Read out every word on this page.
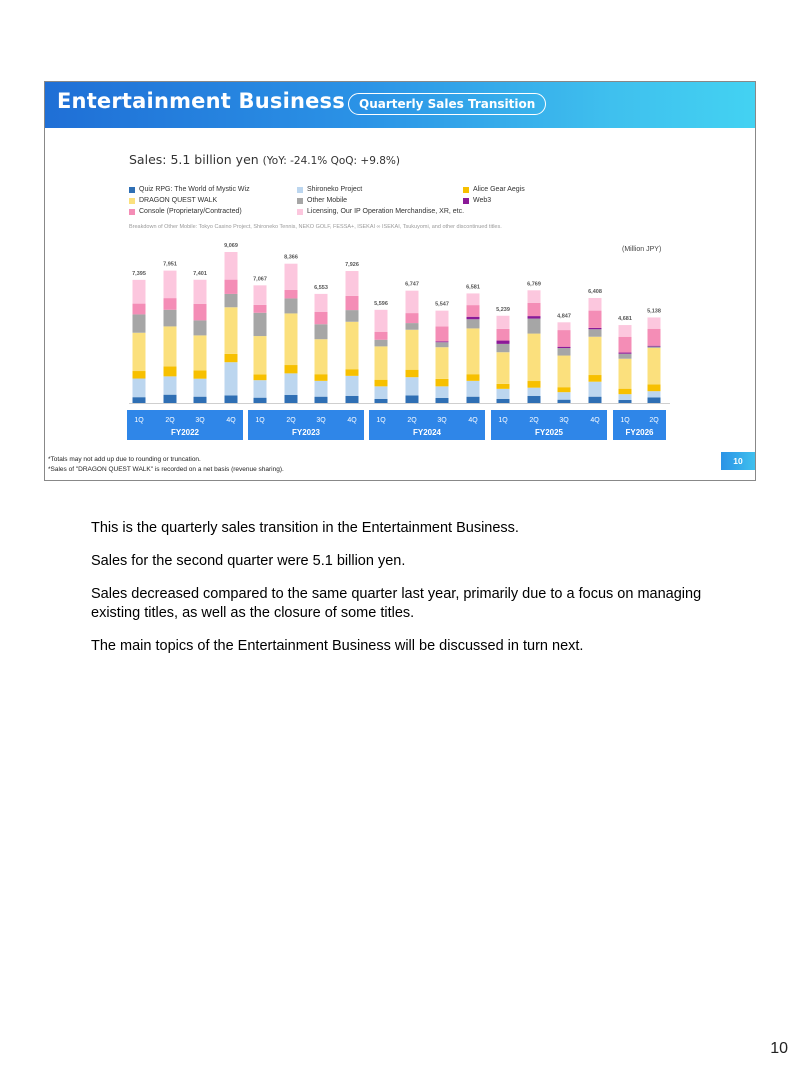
Entertainment Business	Quarterly Sales Transition
Sales: 5.1 billion yen (YoY: -24.1% QoQ: +9.8%)
Quiz RPG: The World of Mystic Wiz	Shironeko Project	Alice Gear Aegis
DRAGON QUEST WALK	Other Mobile	Web3
Console (Proprietary/Contracted)	Licensing, Our IP Operation Merchandise, XR, etc.
Breakdown of Other Mobile: Tokyo Casino Project, Shironeko Tennis, NEKO GOLF, FESSA+, ISEKAI ∞ ISEKAI, Tsukuyomi, and other discontinued titles.
(Million JPY)
7,395
7,951
7,401
9,069
7,067
8,366
6,553
7,926
5,596
6,747
5,547
6,581
5,239
6,769
4,847
6,408
4,681
5,138
1Q	2Q	3Q	4Q
FY2022
1Q	2Q	3Q	4Q
FY2023
1Q	2Q	3Q	4Q
FY2024
1Q	2Q	3Q	4Q
FY2025
1Q	2Q
FY2026
*Totals may not add up due to rounding or truncation.
*Sales of "DRAGON QUEST WALK" is recorded on a net basis (revenue sharing).
10

This is the quarterly sales transition in the Entertainment Business.

Sales for the second quarter were 5.1 billion yen.

Sales decreased compared to the same quarter last year, primarily due to a focus on managing existing titles, as well as the closure of some titles.

The main topics of the Entertainment Business will be discussed in turn next.

10
